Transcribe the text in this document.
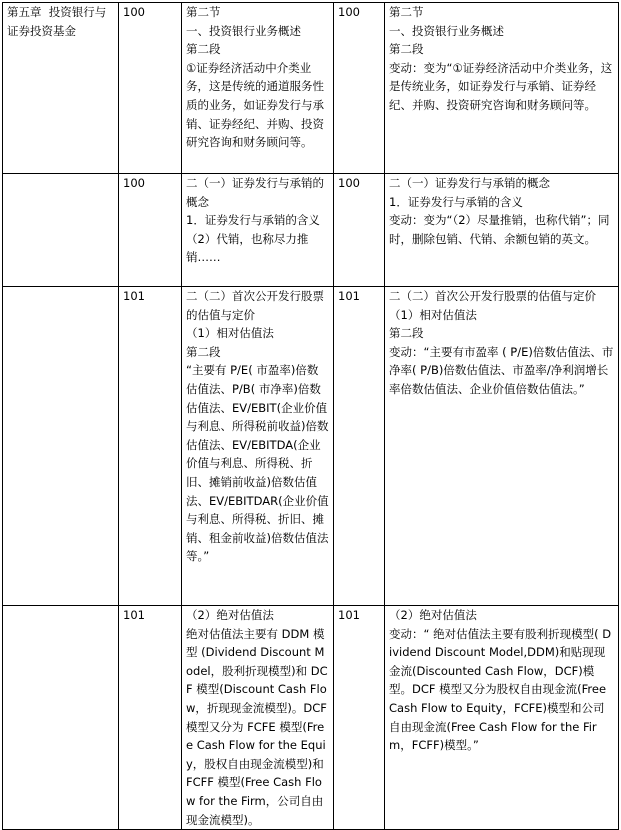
第五章  投资银行与证券投资基金	100	第二节
一、投资银行业务概述
第二段
①证券经济活动中介类业务，这是传统的通道服务性质的业务，如证券发行与承销、证券经纪、并购、投资研究咨询和财务顾问等。	100	第二节
一、投资银行业务概述
第二段
变动：变为“①证券经济活动中介类业务，这是传统业务，如证券发行与承销、证券经纪、并购、投资研究咨询和财务顾问等。
	100	二（一）证券发行与承销的概念
1．证券发行与承销的含义
（2）代销，也称尽力推销……	100	二（一）证券发行与承销的概念
1．证券发行与承销的含义
变动：变为“（2）尽量推销，也称代销”；同时，删除包销、代销、余额包销的英文。
	101	二（二）首次公开发行股票的估值与定价
（1）相对估值法
第二段
“主要有 P/E( 市盈率)倍数估值法、P/B( 市净率)倍数估值法、EV/EBIT(企业价值与利息、所得税前收益)倍数估值法、EV/EBITDA(企业价值与利息、所得税、折旧、摊销前收益)倍数估值法、EV/EBITDAR(企业价值与利息、所得税、折旧、摊销、租金前收益)倍数估值法等。”	101	二（二）首次公开发行股票的估值与定价
（1）相对估值法
第二段
变动：“主要有市盈率 ( P/E)倍数估值法、市净率( P/B)倍数估值法、市盈率/净利润增长率倍数估值法、企业价值倍数估值法。”
	101	（2）绝对估值法
绝对估值法主要有 DDM 模型 (Dividend Discount Model，股利折现模型)和 DCF 模型(Discount Cash Flow，折现现金流模型)。DCF 模型又分为 FCFE 模型(Free Cash Flow for the Equiy，股权自由现金流模型)和 FCFF 模型(Free Cash Flow for the Firm，公司自由现金流模型)。	101	（2）绝对估值法
变动：“ 绝对估值法主要有股利折现模型( Dividend Discount Model,DDM)和贴现现金流(Discounted Cash Flow，DCF)模型。DCF 模型又分为股权自由现金流(Free Cash Flow to Equity，FCFE)模型和公司自由现金流(Free Cash Flow for the Firm，FCFF)模型。”
